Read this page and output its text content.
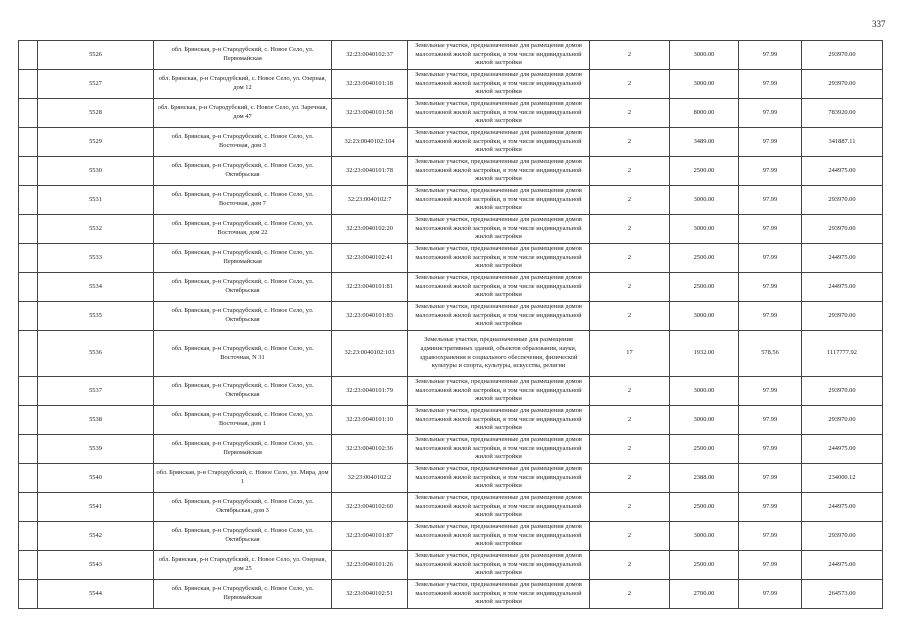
337
	5526	обл. Брянская, р-н Стародубский, с. Новое Село, ул. Первомайская	32:23:0040102:37	Земельные участки, предназначенные для размещения домов малоэтажной жилой застройки, в том числе индивидуальной жилой застройки	2	3000.00	97.99	293970.00
	5527	обл. Брянская, р-н Стародубский, с. Новое Село, ул. Озерная, дом 12	32:23:0040101:18	Земельные участки, предназначенные для размещения домов малоэтажной жилой застройки, в том числе индивидуальной жилой застройки	2	3000.00	97.99	293970.00
	5528	обл. Брянская, р-н Стародубский, с. Новое Село, ул. Заречная, дом 47	32:23:0040101:58	Земельные участки, предназначенные для размещения домов малоэтажной жилой застройки, в том числе индивидуальной жилой застройки	2	8000.00	97.99	783920.00
	5529	обл. Брянская, р-н Стародубский, с. Новое Село, ул. Восточная, дом 3	32:23:0040102:104	Земельные участки, предназначенные для размещения домов малоэтажной жилой застройки, в том числе индивидуальной жилой застройки	2	3489.00	97.99	341887.11
	5530	обл. Брянская, р-н Стародубский, с. Новое Село, ул. Октябрьская	32:23:0040101:78	Земельные участки, предназначенные для размещения домов малоэтажной жилой застройки, в том числе индивидуальной жилой застройки	2	2500.00	97.99	244975.00
	5531	обл. Брянская, р-н Стародубский, с. Новое Село, ул. Восточная, дом 7	32:23:0040102:7	Земельные участки, предназначенные для размещения домов малоэтажной жилой застройки, в том числе индивидуальной жилой застройки	2	3000.00	97.99	293970.00
	5532	обл. Брянская, р-н Стародубский, с. Новое Село, ул. Восточная, дом 22	32:23:0040102:20	Земельные участки, предназначенные для размещения домов малоэтажной жилой застройки, в том числе индивидуальной жилой застройки	2	3000.00	97.99	293970.00
	5533	обл. Брянская, р-н Стародубский, с. Новое Село, ул. Первомайская	32:23:0040102:41	Земельные участки, предназначенные для размещения домов малоэтажной жилой застройки, в том числе индивидуальной жилой застройки	2	2500.00	97.99	244975.00
	5534	обл. Брянская, р-н Стародубский, с. Новое Село, ул. Октябрьская	32:23:0040101:81	Земельные участки, предназначенные для размещения домов малоэтажной жилой застройки, в том числе индивидуальной жилой застройки	2	2500.00	97.99	244975.00
	5535	обл. Брянская, р-н Стародубский, с. Новое Село, ул. Октябрьская	32:23:0040101:83	Земельные участки, предназначенные для размещения домов малоэтажной жилой застройки, в том числе индивидуальной жилой застройки	2	3000.00	97.99	293970.00
	5536	обл. Брянская, р-н Стародубский, с. Новое Село, ул. Восточная, N 31	32:23:0040102:103	Земельные участки, предназначенные для размещения административных зданий, объектов образования, науки, здравоохранения и социального обеспечения, физической культуры и спорта, культуры, искусства, религии	17	1932.00	578.56	1117777.92
	5537	обл. Брянская, р-н Стародубский, с. Новое Село, ул. Октябрьская	32:23:0040101:79	Земельные участки, предназначенные для размещения домов малоэтажной жилой застройки, в том числе индивидуальной жилой застройки	2	3000.00	97.99	293970.00
	5538	обл. Брянская, р-н Стародубский, с. Новое Село, ул. Восточная, дом 1	32:23:0040101:10	Земельные участки, предназначенные для размещения домов малоэтажной жилой застройки, в том числе индивидуальной жилой застройки	2	3000.00	97.99	293970.00
	5539	обл. Брянская, р-н Стародубский, с. Новое Село, ул. Первомайская	32:23:0040102:36	Земельные участки, предназначенные для размещения домов малоэтажной жилой застройки, в том числе индивидуальной жилой застройки	2	2500.00	97.99	244975.00
	5540	обл. Брянская, р-н Стародубский, с. Новое Село, ул. Мира, дом 1	32:23:0040102:2	Земельные участки, предназначенные для размещения домов малоэтажной жилой застройки, в том числе индивидуальной жилой застройки	2	2388.00	97.99	234000.12
	5541	обл. Брянская, р-н Стародубский, с. Новое Село, ул. Октябрьская, дом 3	32:23:0040102:60	Земельные участки, предназначенные для размещения домов малоэтажной жилой застройки, в том числе индивидуальной жилой застройки	2	2500.00	97.99	244975.00
	5542	обл. Брянская, р-н Стародубский, с. Новое Село, ул. Октябрьская	32:23:0040101:87	Земельные участки, предназначенные для размещения домов малоэтажной жилой застройки, в том числе индивидуальной жилой застройки	2	3000.00	97.99	293970.00
	5543	обл. Брянская, р-н Стародубский, с. Новое Село, ул. Озерная, дом 25	32:23:0040101:26	Земельные участки, предназначенные для размещения домов малоэтажной жилой застройки, в том числе индивидуальной жилой застройки	2	2500.00	97.99	244975.00
	5544	обл. Брянская, р-н Стародубский, с. Новое Село, ул. Первомайская	32:23:0040102:51	Земельные участки, предназначенные для размещения домов малоэтажной жилой застройки, в том числе индивидуальной жилой застройки	2	2700.00	97.99	264573.00
